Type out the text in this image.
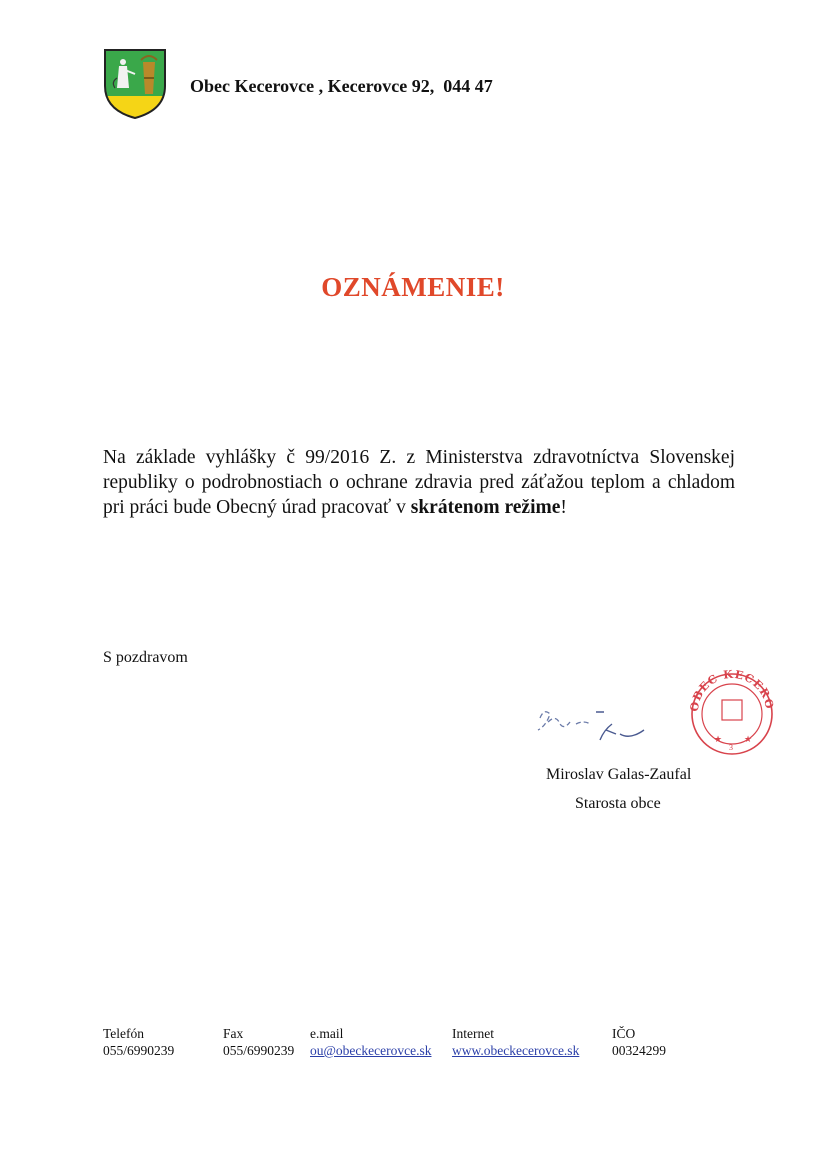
Obec Kecerovce , Kecerovce 92,  044 47
OZNÁMENIE!
Na základe vyhlášky č 99/2016 Z. z Ministerstva zdravotníctva Slovenskej republiky o podrobnostiach o ochrane zdravia pred záťažou teplom a chladom pri práci bude Obecný úrad pracovať v skrátenom režime!
S pozdravom
OBEC KECERO
★
3
★
Miroslav Galas-Zaufal
Starosta obce
Telefón
055/6990239
Fax
055/6990239
e.mail
ou@obeckecerovce.sk
Internet
www.obeckecerovce.sk
IČO
00324299
